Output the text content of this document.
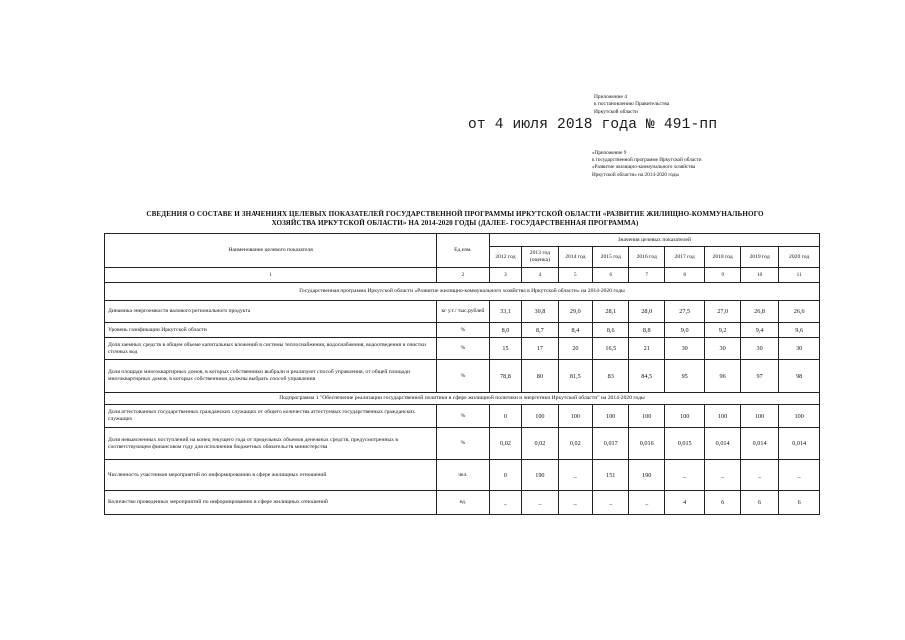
Приложение 4
к постановлению Правительства
Иркутской области
от 4 июля 2018 года № 491-пп
«Приложение 9
к государственной программе Иркутской области
«Развитие жилищно-коммунального хозяйства
Иркутской области» на 2014-2020 годы
СВЕДЕНИЯ О СОСТАВЕ И ЗНАЧЕНИЯХ ЦЕЛЕВЫХ ПОКАЗАТЕЛЕЙ ГОСУДАРСТВЕННОЙ ПРОГРАММЫ ИРКУТСКОЙ ОБЛАСТИ «РАЗВИТИЕ ЖИЛИЩНО-КОММУНАЛЬНОГО
ХОЗЯЙСТВА ИРКУТСКОЙ ОБЛАСТИ» НА 2014-2020 ГОДЫ (ДАЛЕЕ- ГОСУДАРСТВЕННАЯ ПРОГРАММА)
Наименование целевого показателя	Ед.изм.	Значения целевых показателей								
		2012 год	2013 год (оценка)	2014 год	2015 год	2016 год	2017 год	2018 год	2019 год	2020 год
1	2	3	4	5	6	7	8	9	10	11
Государственная программа Иркутской области «Развитие жилищно-коммунального хозяйства в Иркутской области» на 2014-2020 годы										
Динамика энергоемкости валового регионального продукта	кг у.т./ тыс.рублей	33,1	30,8	29,0	28,1	28,0	27,5	27,0	26,8	26,6
Уровень газификации Иркутской области	%	8,0	8,7	8,4	8,6	8,8	9,0	9,2	9,4	9,6
Доля заемных средств в общем объеме капитальных вложений в системы теплоснабжения, водоснабжения, водоотведения и очистки сточных вод	%	15	17	20	16,5	21	30	30	30	30
Доля площади многоквартирных домов, в которых собственники выбрали и реализуют способ управления, от общей площади многоквартирных домов, в которых собственники должны выбрать способ управления	%	78,8	80	81,5	83	84,5	95	96	97	98
Подпрограмма 1 "Обеспечение реализации государственной политики в сфере жилищной политики и энергетики Иркутской области" на 2014-2020 годы										
Доля аттестованных государственных гражданских служащих от общего количества аттестуемых государственных гражданских служащих	%	0	100	100	100	100	100	100	100	100
Доля невыясненных поступлений на конец текущего года от предельных объемов денежных средств, предусмотренных в соответствующем финансовом году для исполнения бюджетных обязательств министерства	%	0,02	0,02	0,02	0,017	0,016	0,015	0,014	0,014	0,014
Численность участников мероприятий по информированию в сфере жилищных отношений	чел.	0	190	_	151	190	_	_	_	_
Количество проведенных мероприятий по информированию в сфере жилищных отношений	ед.	_	_	_	_	_	4	6	6	6
